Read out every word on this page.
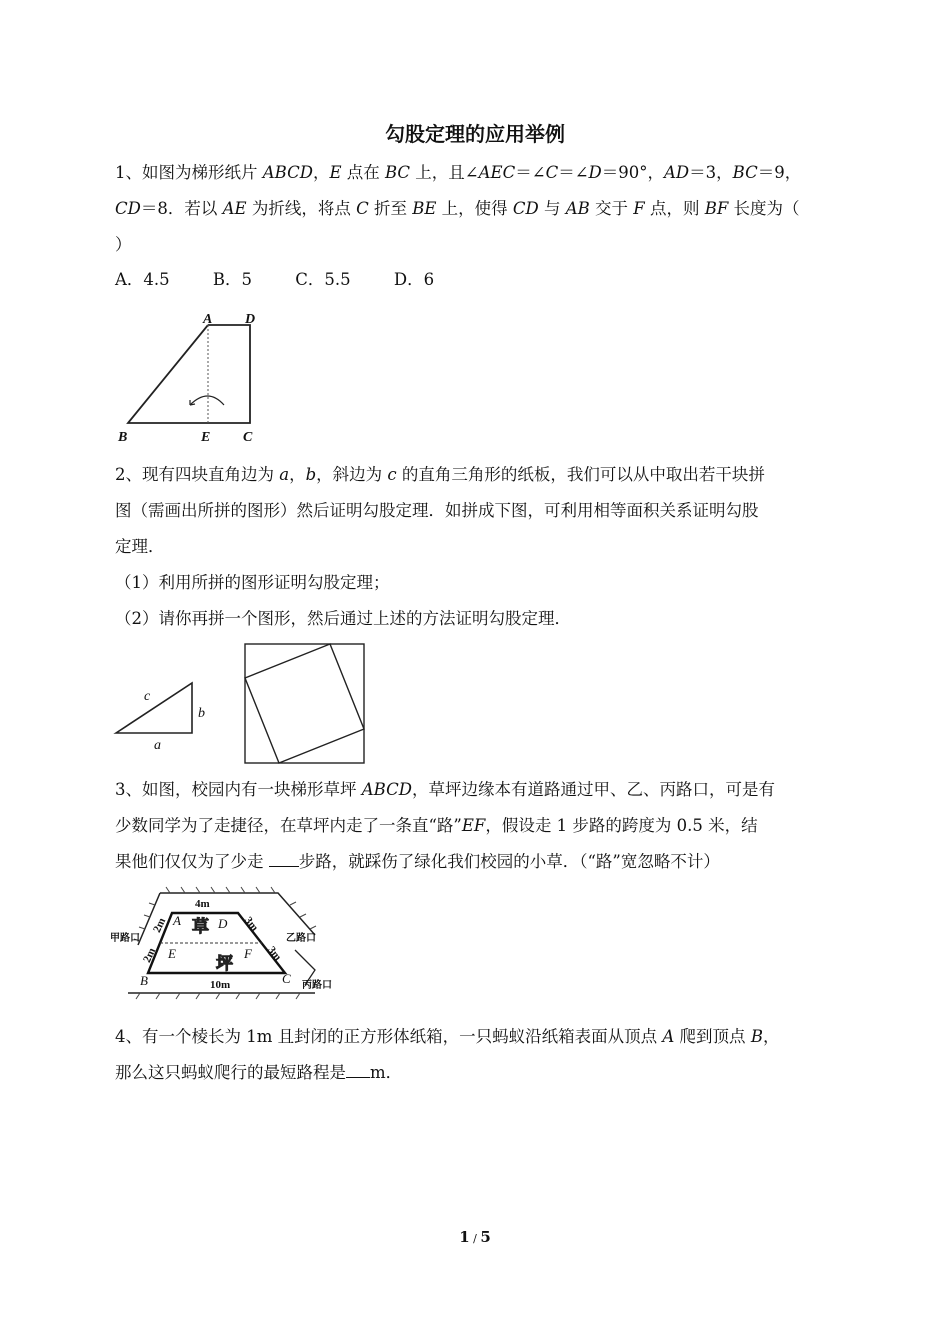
勾股定理的应用举例
1、如图为梯形纸片 ABCD，E 点在 BC 上，且∠AEC＝∠C＝∠D＝90°，AD＝3，BC＝9，
CD＝8．若以 AE 为折线，将点 C 折至 BE 上，使得 CD 与 AB 交于 F 点，则 BF 长度为（
）
A．4.5	B．5	C．5.5	D．6
A D
B	E C
2、现有四块直角边为 a，b，斜边为 c 的直角三角形的纸板，我们可以从中取出若干块拼
图（需画出所拼的图形）然后证明勾股定理．如拼成下图，可利用相等面积关系证明勾股
定理．
（1）利用所拼的图形证明勾股定理；
（2）请你再拼一个图形，然后通过上述的方法证明勾股定理．
c
b
a
3、如图，校园内有一块梯形草坪 ABCD，草坪边缘本有道路通过甲、乙、丙路口，可是有
少数同学为了走捷径，在草坪内走了一条直“路”EF，假设走 1 步路的跨度为 0.5 米，结
果他们仅仅为了少走 步路，就踩伤了绿化我们校园的小草．（“路”宽忽略不计）
4m
2m
2m
3m
3m
10m
A	D
E	F
B	C
草
坪
甲路口	乙路口
丙路口
4、有一个棱长为 1m 且封闭的正方形体纸箱，一只蚂蚁沿纸箱表面从顶点 A 爬到顶点 B，
那么这只蚂蚁爬行的最短路程是 m．
1 / 5
